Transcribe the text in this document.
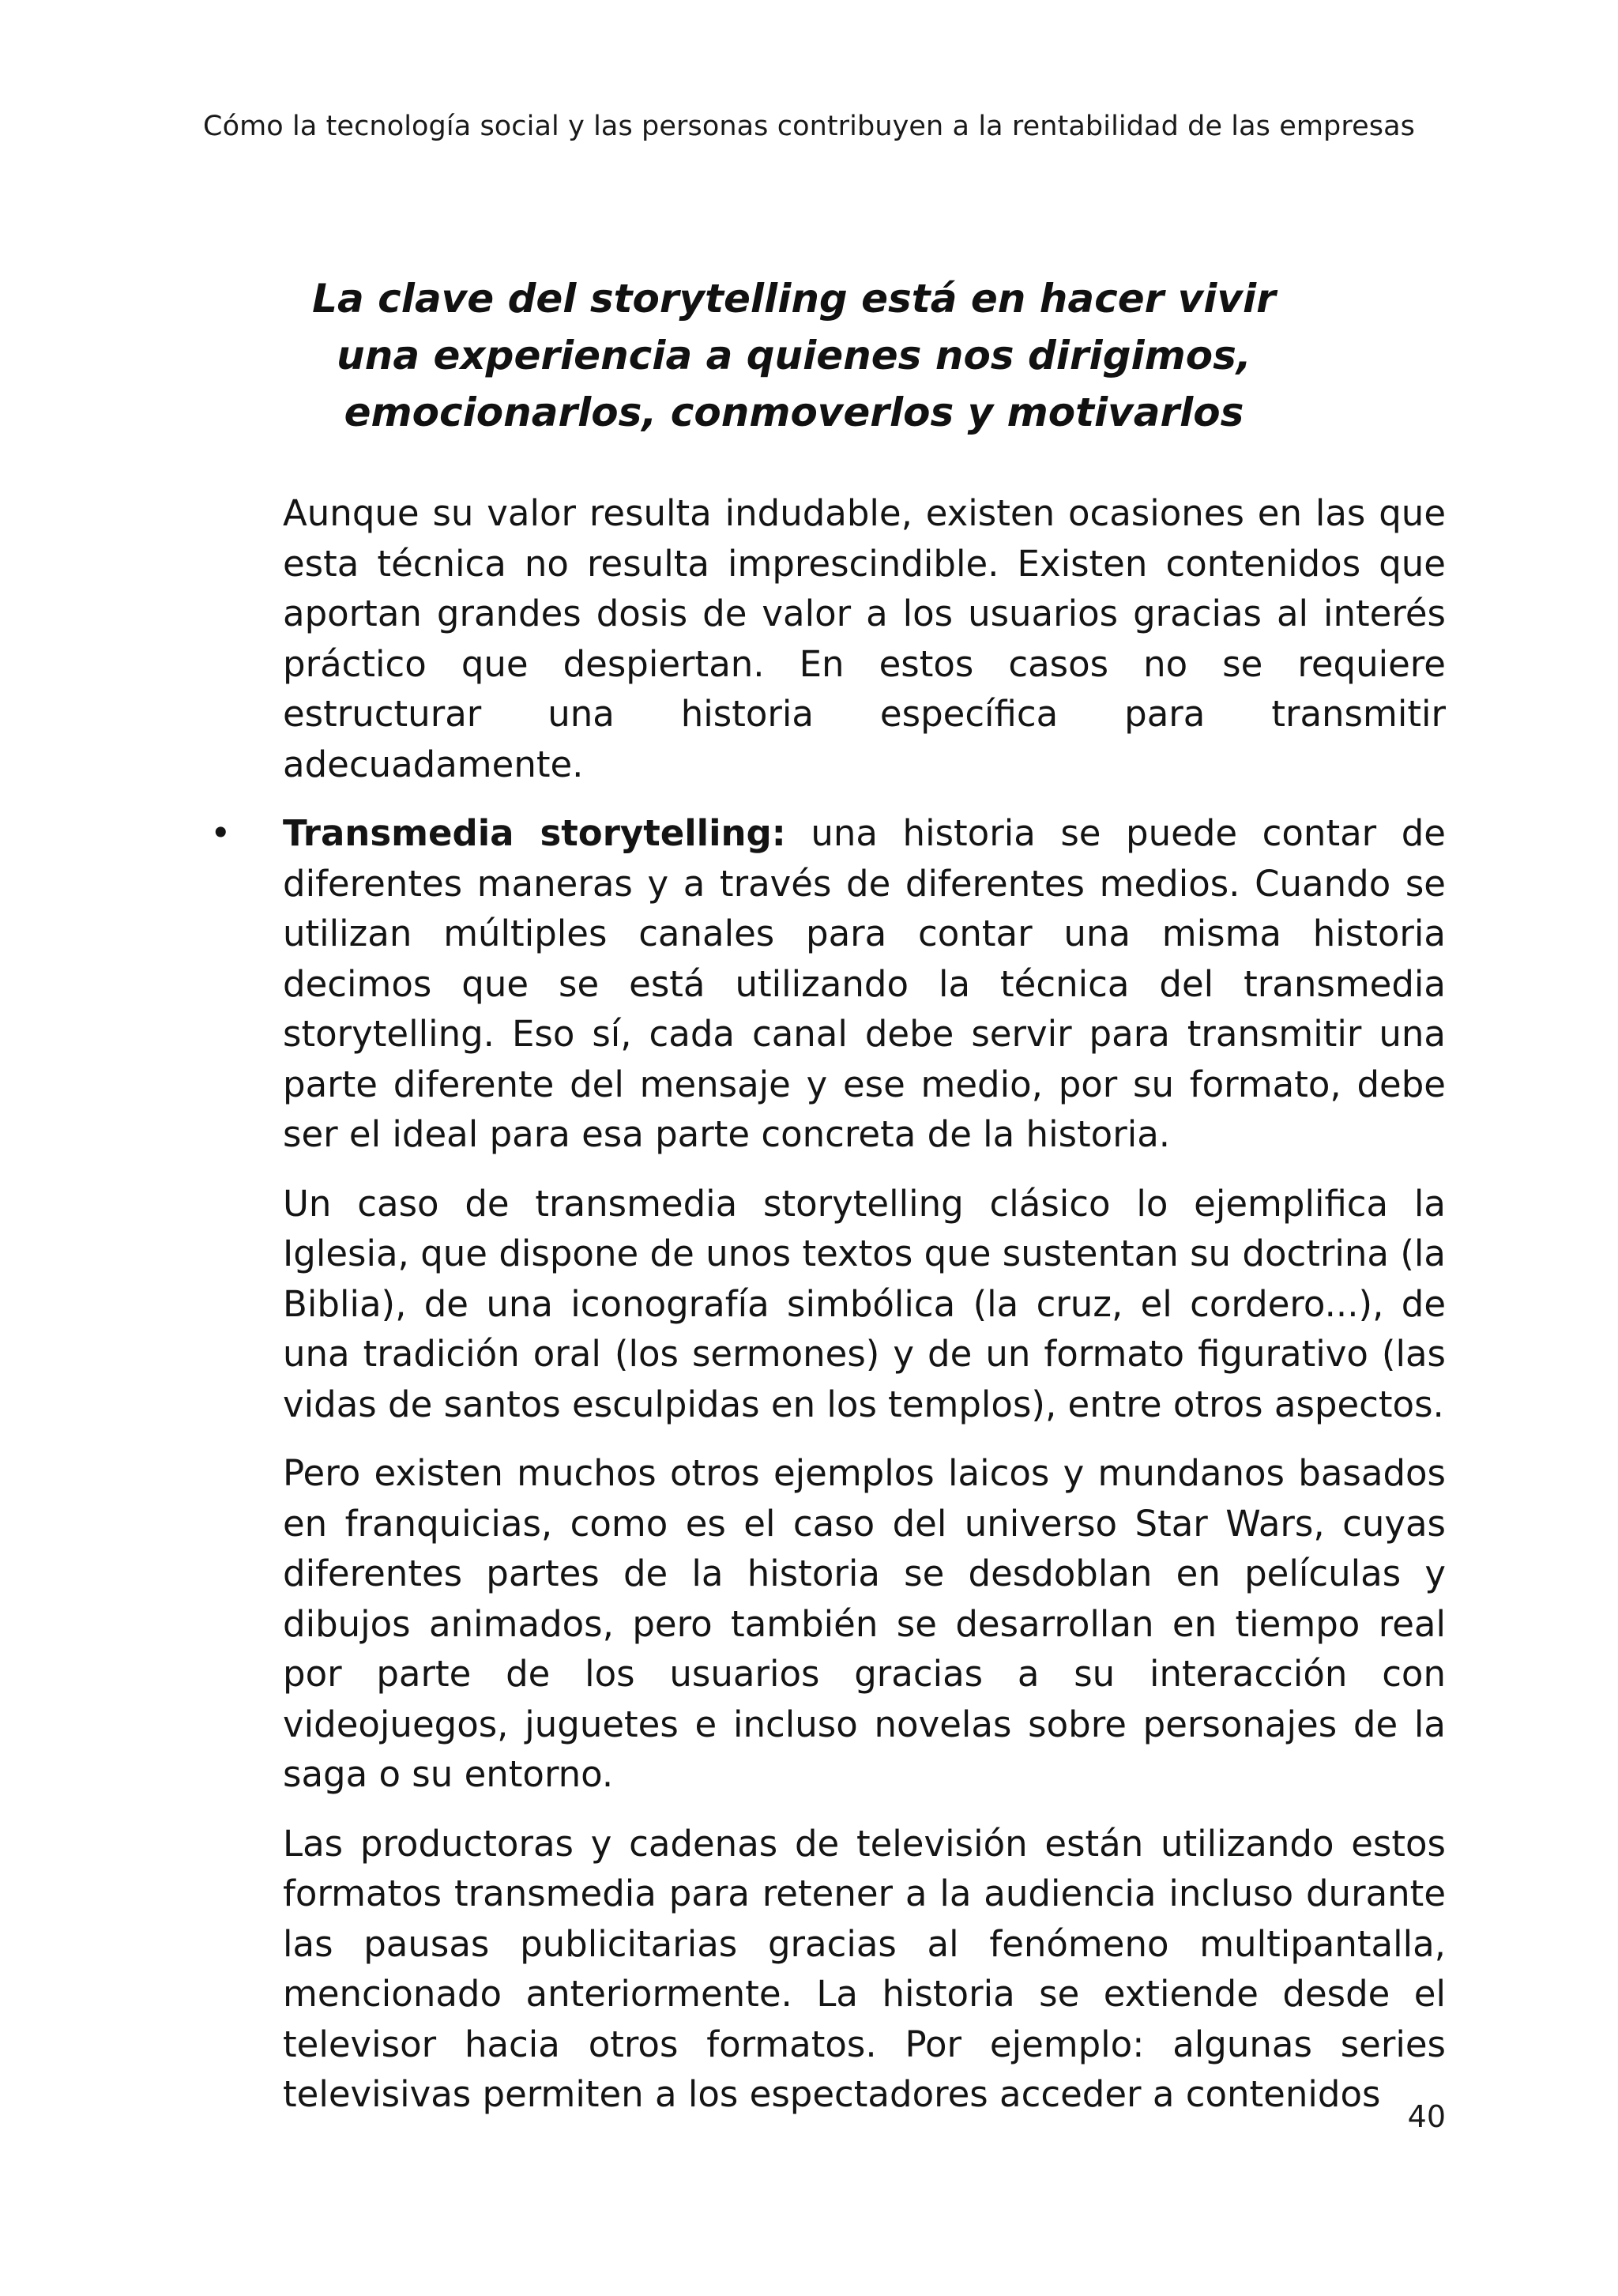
Cómo la tecnología social y las personas contribuyen a la rentabilidad de las empresas
La clave del storytelling está en hacer vivir
una experiencia a quienes nos dirigimos,
emocionarlos, conmoverlos y motivarlos

Aunque su valor resulta indudable, existen ocasiones en las que esta técnica no resulta imprescindible. Existen contenidos que aportan grandes dosis de valor a los usuarios gracias al interés práctico que despiertan. En estos casos no se requiere estructurar una historia específica para transmitir adecuadamente.

• Transmedia storytelling: una historia se puede contar de diferentes maneras y a través de diferentes medios. Cuando se utilizan múltiples canales para contar una misma historia decimos que se está utilizando la técnica del transmedia storytelling. Eso sí, cada canal debe servir para transmitir una parte diferente del mensaje y ese medio, por su formato, debe ser el ideal para esa parte concreta de la historia.

Un caso de transmedia storytelling clásico lo ejemplifica la Iglesia, que dispone de unos textos que sustentan su doctrina (la Biblia), de una iconografía simbólica (la cruz, el cordero...), de una tradición oral (los sermones) y de un formato figurativo (las vidas de santos esculpidas en los templos), entre otros aspectos.

Pero existen muchos otros ejemplos laicos y mundanos basados en franquicias, como es el caso del universo Star Wars, cuyas diferentes partes de la historia se desdoblan en películas y dibujos animados, pero también se desarrollan en tiempo real por parte de los usuarios gracias a su interacción con videojuegos, juguetes e incluso novelas sobre personajes de la saga o su entorno.

Las productoras y cadenas de televisión están utilizando estos formatos transmedia para retener a la audiencia incluso durante las pausas publicitarias gracias al fenómeno multipantalla, mencionado anteriormente. La historia se extiende desde el televisor hacia otros formatos. Por ejemplo: algunas series televisivas permiten a los espectadores acceder a contenidos

40
